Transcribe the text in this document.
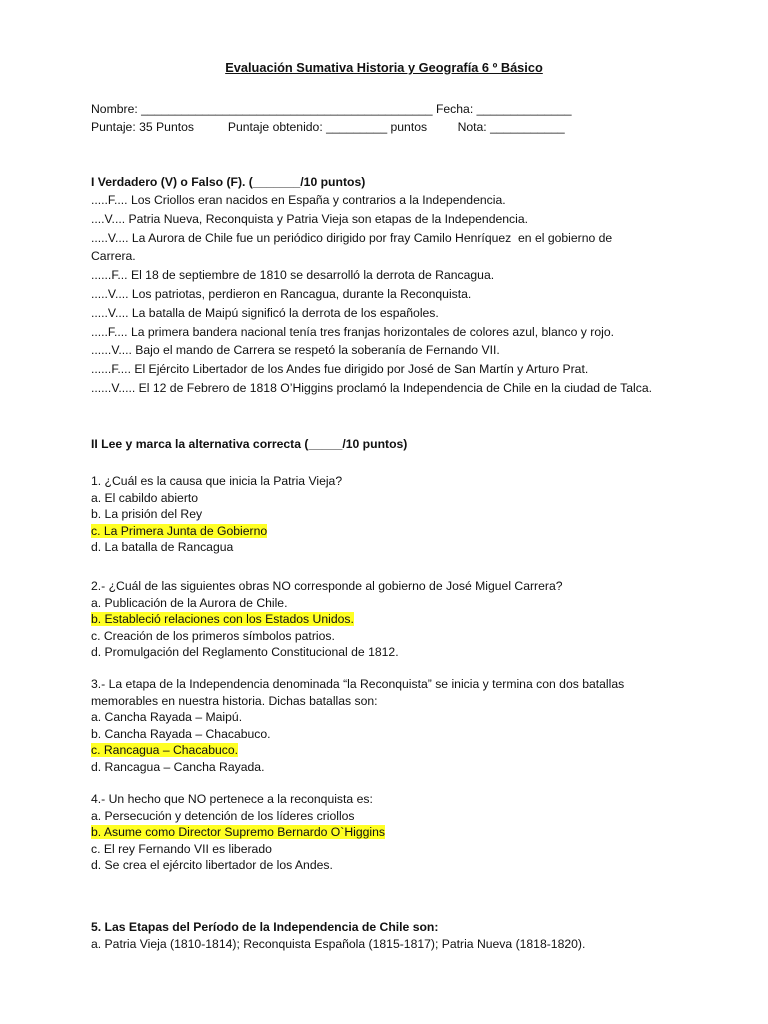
Evaluación Sumativa Historia y Geografía 6 º Básico
Nombre: ___________________________________________ Fecha: ______________
Puntaje: 35 Puntos          Puntaje obtenido: _________ puntos         Nota: ___________
I Verdadero (V) o Falso (F). (_______/10 puntos)
.....F.... Los Criollos eran nacidos en España y contrarios a la Independencia.
....V.... Patria Nueva, Reconquista y Patria Vieja son etapas de la Independencia.
.....V.... La Aurora de Chile fue un periódico dirigido por fray Camilo Henríquez  en el gobierno de
Carrera.
......F... El 18 de septiembre de 1810 se desarrolló la derrota de Rancagua.
.....V.... Los patriotas, perdieron en Rancagua, durante la Reconquista.
.....V.... La batalla de Maipú significó la derrota de los españoles.
.....F.... La primera bandera nacional tenía tres franjas horizontales de colores azul, blanco y rojo.
......V.... Bajo el mando de Carrera se respetó la soberanía de Fernando VII.
......F.... El Ejército Libertador de los Andes fue dirigido por José de San Martín y Arturo Prat.
......V..... El 12 de Febrero de 1818 O’Higgins proclamó la Independencia de Chile en la ciudad de Talca.
II Lee y marca la alternativa correcta (_____/10 puntos)
1. ¿Cuál es la causa que inicia la Patria Vieja?
a. El cabildo abierto
b. La prisión del Rey
c. La Primera Junta de Gobierno
d. La batalla de Rancagua
2.- ¿Cuál de las siguientes obras NO corresponde al gobierno de José Miguel Carrera?
a. Publicación de la Aurora de Chile.
b. Estableció relaciones con los Estados Unidos.
c. Creación de los primeros símbolos patrios.
d. Promulgación del Reglamento Constitucional de 1812.
3.- La etapa de la Independencia denominada “la Reconquista” se inicia y termina con dos batallas
memorables en nuestra historia. Dichas batallas son:
a. Cancha Rayada – Maipú.
b. Cancha Rayada – Chacabuco.
c. Rancagua – Chacabuco.
d. Rancagua – Cancha Rayada.
4.- Un hecho que NO pertenece a la reconquista es:
a. Persecución y detención de los líderes criollos
b. Asume como Director Supremo Bernardo O`Higgins
c. El rey Fernando VII es liberado
d. Se crea el ejército libertador de los Andes.
5. Las Etapas del Período de la Independencia de Chile son:
a. Patria Vieja (1810-1814); Reconquista Española (1815-1817); Patria Nueva (1818-1820).
